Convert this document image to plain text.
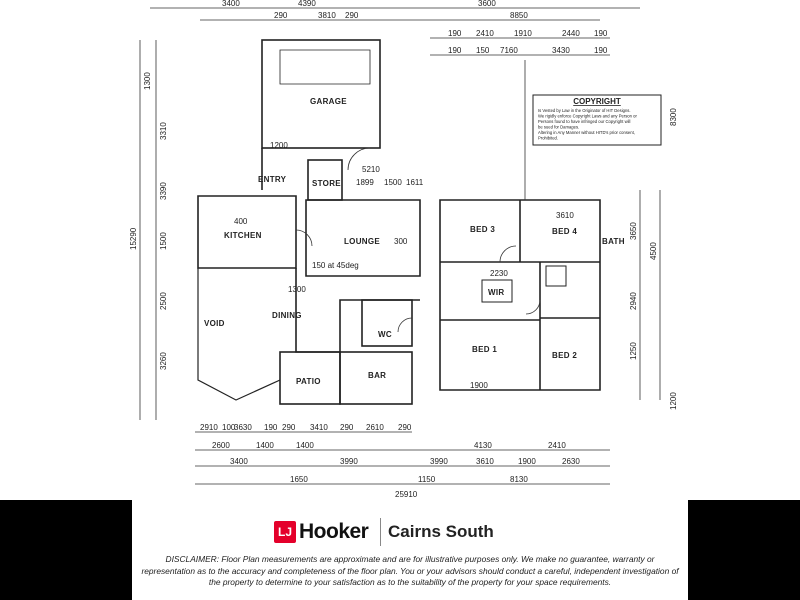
COPYRIGHT
Is Vested by Law in the Originator of HIT Designs.
We rigidly enforce Copyright Laws and any Person or
Persons found to have infringed our Copyright will
be sued for Damages.
Altering in Any Manner without HITD's prior consent,
Prohibited.
GARAGE
STORE
ENTRY
KITCHEN
LOUNGE
150 at 45deg
DINING
VOID
WC
PATIO
BAR
BED 1
BED 2
BED 3	BED 4
BATH
WIR
3400	4390	3600
290	3810 290	8850
190 2410	1910	2440 190
190 150 7160	3430	190
2910 100
3630 190 290 3410 290 2610 290
2600	1400	1400	4130	2410
3400	3990	3990	3610	1900	2630
1650	1150	8130
25910
1300
3310
3390
1500
2500
3260
15290	3650
4500
2940
1250
8300
1200
5210
1899 1500 1611
1200
3610
2230
1300
300
1900
400
LJ Hooker Cairns South
DISCLAIMER: Floor Plan measurements are approximate and are for illustrative purposes only. We make no guarantee, warranty or representation as to the accuracy and completeness of the floor plan. You or your advisors should conduct a careful, independent investigation of the property to determine to your satisfaction as to the suitability of the property for your space requirements.
